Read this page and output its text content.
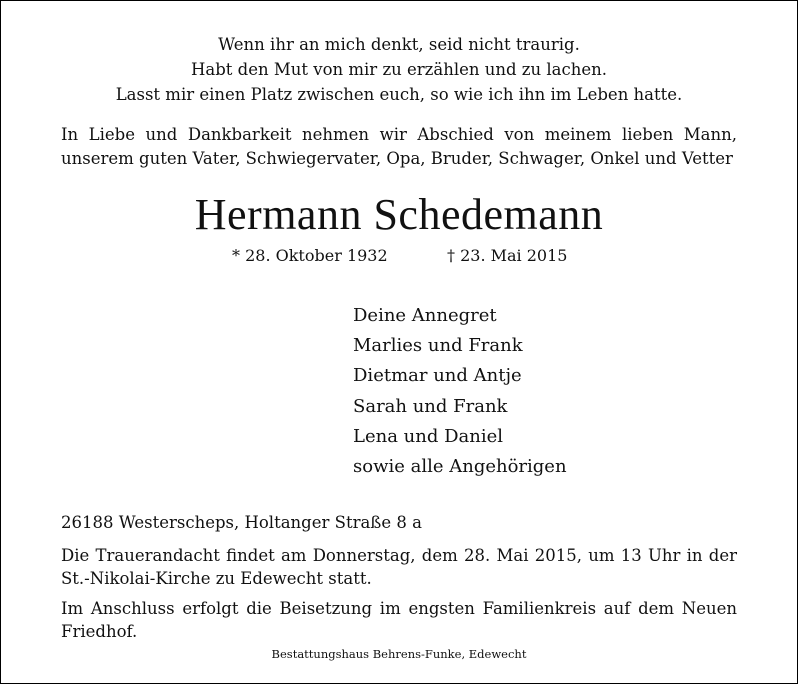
Wenn ihr an mich denkt, seid nicht traurig.
Habt den Mut von mir zu erzählen und zu lachen.
Lasst mir einen Platz zwischen euch, so wie ich ihn im Leben hatte.
In Liebe und Dankbarkeit nehmen wir Abschied von meinem lieben Mann,
unserem guten Vater, Schwiegervater, Opa, Bruder, Schwager, Onkel und Vetter
Hermann Schedemann
* 28. Oktober 1932	† 23. Mai 2015
Deine Annegret
Marlies und Frank
Dietmar und Antje
Sarah und Frank
Lena und Daniel
sowie alle Angehörigen
26188 Westerscheps, Holtanger Straße 8 a
Die Trauerandacht findet am Donnerstag, dem 28. Mai 2015, um 13 Uhr in der
St.-Nikolai-Kirche zu Edewecht statt.
Im Anschluss erfolgt die Beisetzung im engsten Familienkreis auf dem Neuen
Friedhof.
Bestattungshaus Behrens-Funke, Edewecht
